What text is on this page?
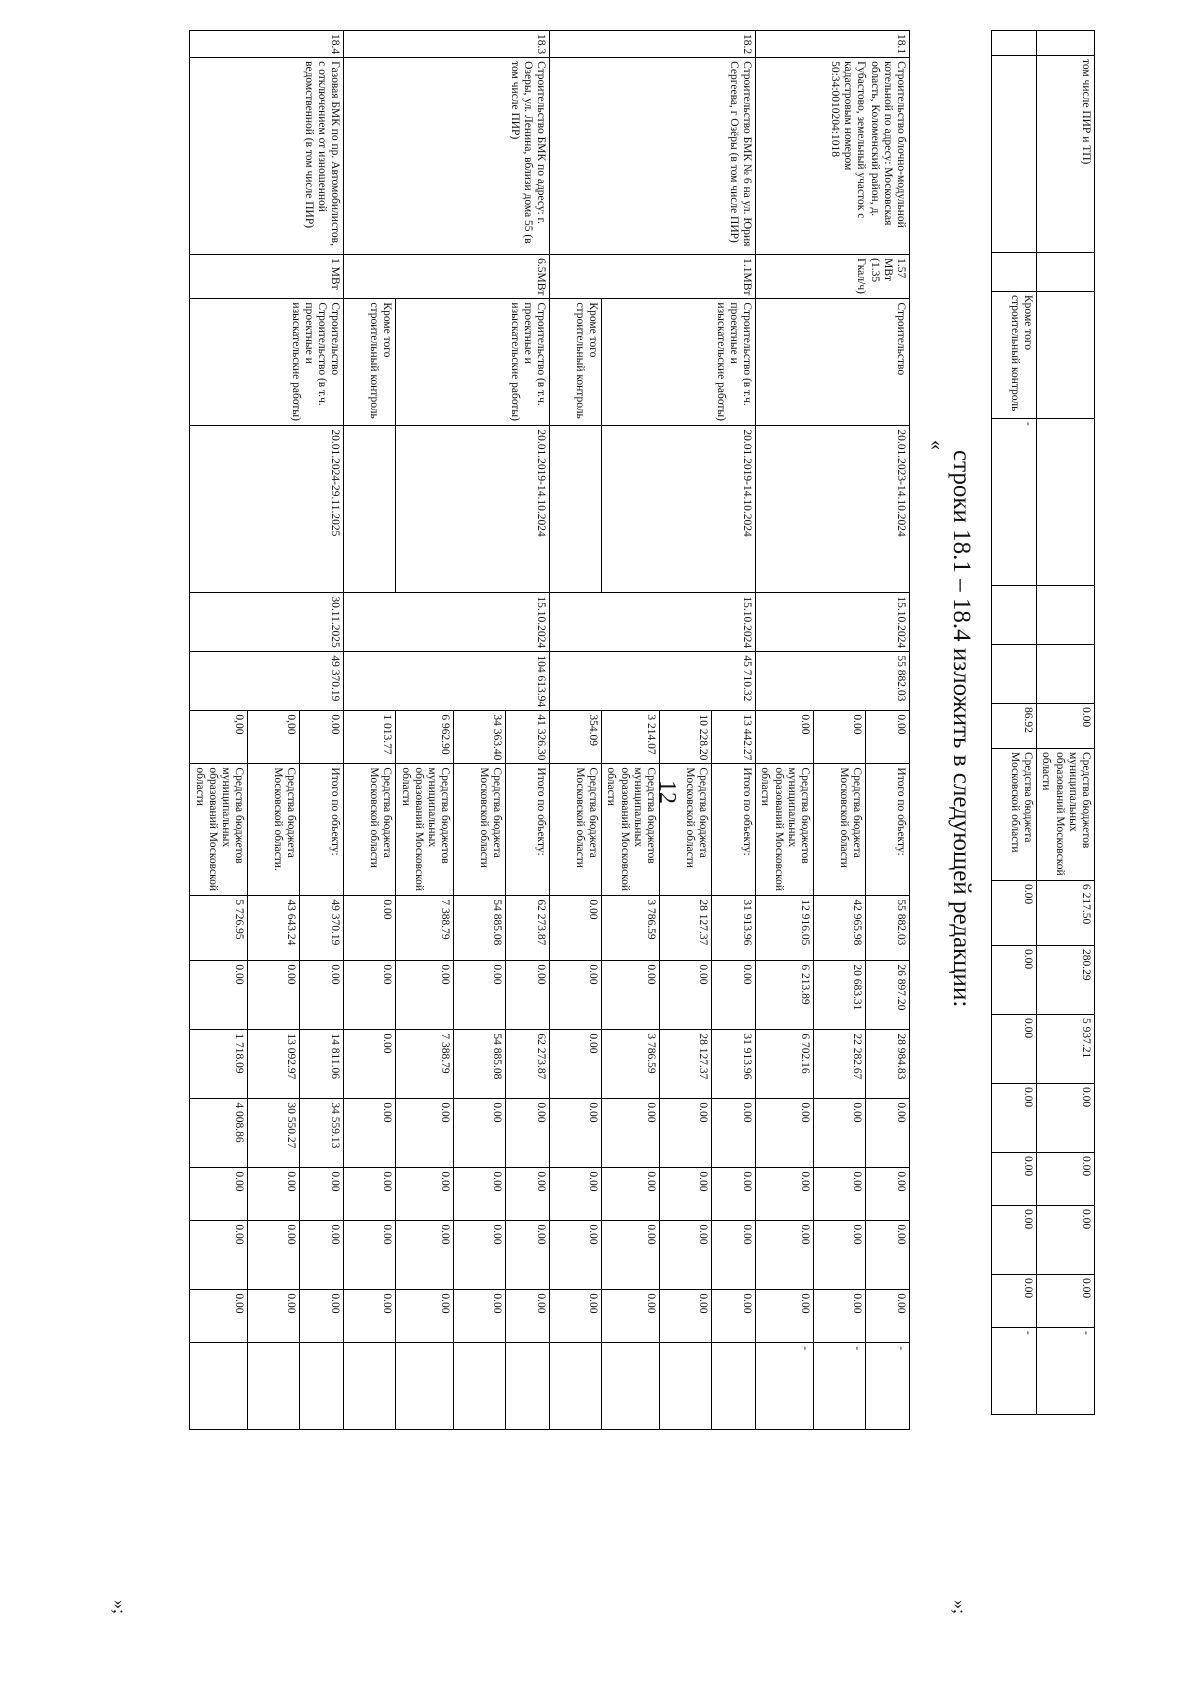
12
	том числе ПИР и ТП)						0.00	Средства бюджетов муниципальных образований Московской области	6 217.50	280.29	5 937.21	0.00	0.00	0.00	0.00	-
			Кроме того строительный контроль	-			86.92	Средства бюджета Московской области	0.00	0.00	0.00	0.00	0.00	0.00	0.00	-
»;
строки 18.1 – 18.4 изложить в следующей редакции:
«
18.1	Строительство блочно-модульной котельной по адресу: Московская область, Коломенский район, д. Губастово, земельный участок с кадастровым номером 50:34:0010204:1018	1.57 МВт (1.35 Гкал/ч)	Строительство	20.01.2023-14.10.2024	15.10.2024	55 882.03	0.00	Итого по объекту:	55 882.03	26 897.20	28 984.83	0.00	0.00	0.00	0.00	-
							0.00	Средства бюджета Московской области	42 965.98	20 683.31	22 282.67	0.00	0.00	0.00	0.00	-
							0.00	Средства бюджетов муниципальных образований Московской области	12 916.05	6 213.89	6 702.16	0.00	0.00	0.00	0.00	-
18.2	Строительство БМК № 6 на ул. Юрия Сергеева, г Озёры (в том числе ПИР)	1.1МВт	Строительство (в т.ч. проектные и изыскательские работы)	20.01.2019-14.10.2024	15.10.2024	45 710.32	13 442.27	Итого по объекту:	31 913.96	0.00	31 913.96	0.00	0.00	0.00	0.00	
							10 228.20	Средства бюджета Московской области	28 127.37	0.00	28 127.37	0.00	0.00	0.00	0.00	
							3 214.07	Средства бюджетов муниципальных образований Московской области	3 786.59	0.00	3 786.59	0.00	0.00	0.00	0.00	
			Кроме того строительный контроль				354.09	Средства бюджета Московской области	0.00	0.00	0.00	0.00	0.00	0.00	0.00	
18.3	Строительство БМК по адресу: г. Озеры, ул. Ленина, вблизи дома 55 (в том числе ПИР)	6.5МВт	Строительство (в т.ч. проектные и изыскательские работы)	20.01.2019-14.10.2024	15.10.2024	104 613.94	41 326.30	Итого по объекту:	62 273.87	0.00	62 273.87	0.00	0.00	0.00	0.00	
							34 363.40	Средства бюджета Московской области	54 885.08	0.00	54 885.08	0.00	0.00	0.00	0.00	
							6 962.90	Средства бюджетов муниципальных образований Московской области	7 388.79	0.00	7 388.79	0.00	0.00	0.00	0.00	
			Кроме того строительный контроль				1 013.77	Средства бюджета Московской области	0.00	0.00	0.00	0.00	0.00	0.00	0.00	
18.4	Газовая БМК по пр. Автомобилистов, с отключением от изношенной ведомственной (в том числе ПИР)	1 МВт	Строительство Строительство (в т.ч. проектные и изыскательские работы)	20.01.2024-29.11.2025	30.11.2025	49 370.19	0.00	Итого по объекту:	49 370.19	0.00	14 811.06	34 559.13	0.00	0.00	0.00	
							0,00	Средства бюджета Московской области.	43 643.24	0.00	13 092.97	30 550.27	0.00	0.00	0.00	
							0,00	Средства бюджетов муниципальных образований Московской области	5 726.95	0.00	1 718.09	4 008.86	0.00	0.00	0.00	
»;
